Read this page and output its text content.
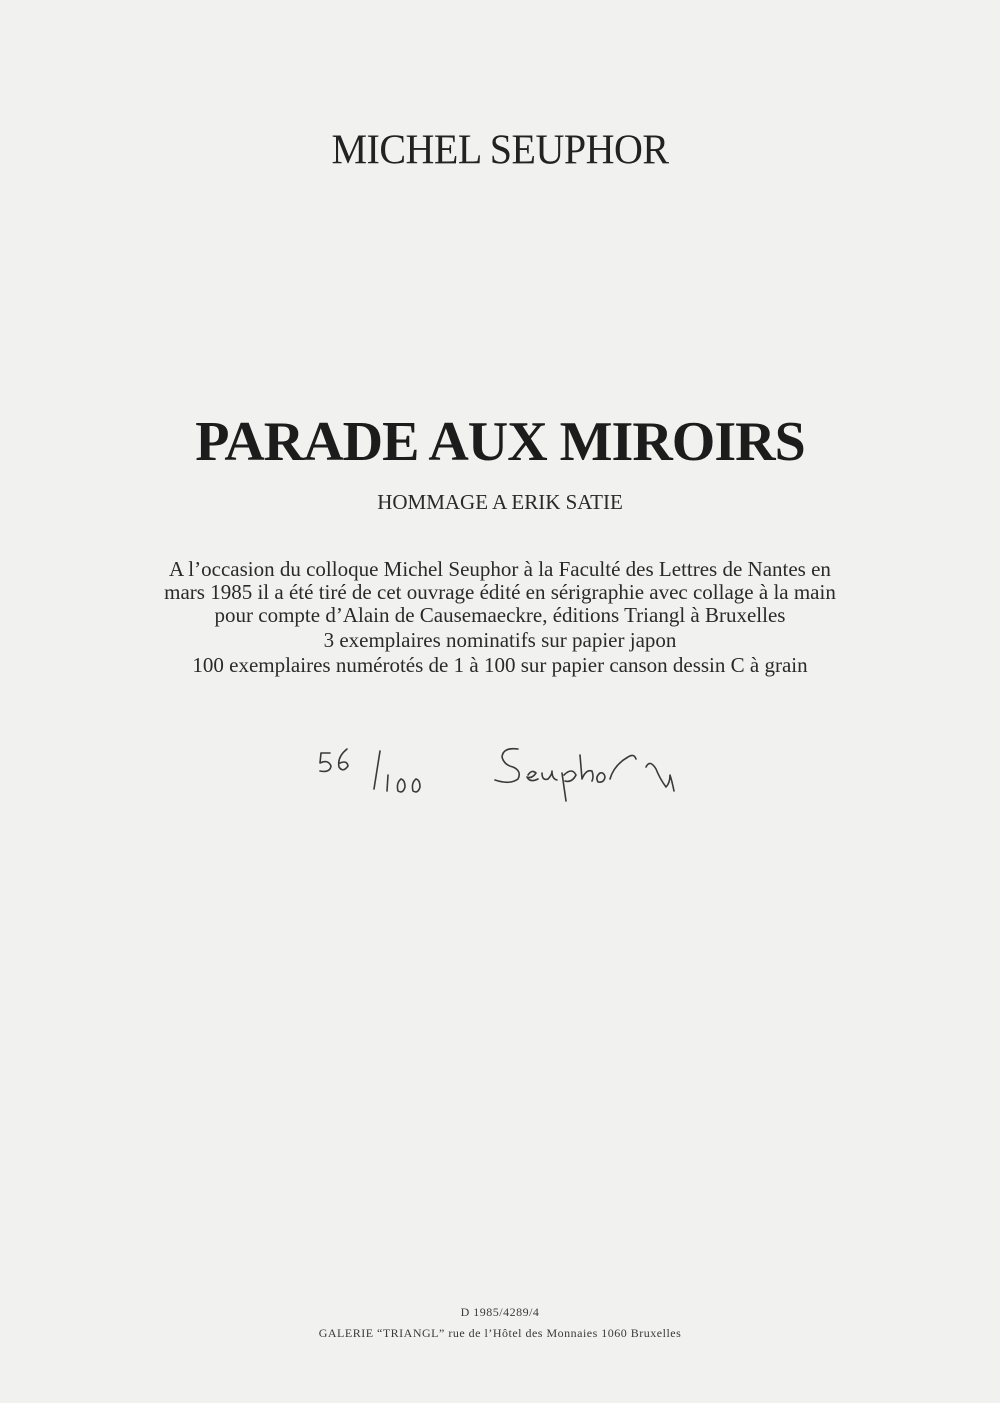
MICHEL SEUPHOR
PARADE AUX MIROIRS
HOMMAGE A ERIK SATIE

A l’occasion du colloque Michel Seuphor à la Faculté des Lettres de Nantes en

mars 1985 il a été tiré de cet ouvrage édité en sérigraphie avec collage à la main

pour compte d’Alain de Causemaeckre, éditions Triangl à Bruxelles

3 exemplaires nominatifs sur papier japon

100 exemplaires numérotés de 1 à 100 sur papier canson dessin C à grain

D 1985/4289/4

GALERIE “TRIANGL” rue de l’Hôtel des Monnaies 1060 Bruxelles
